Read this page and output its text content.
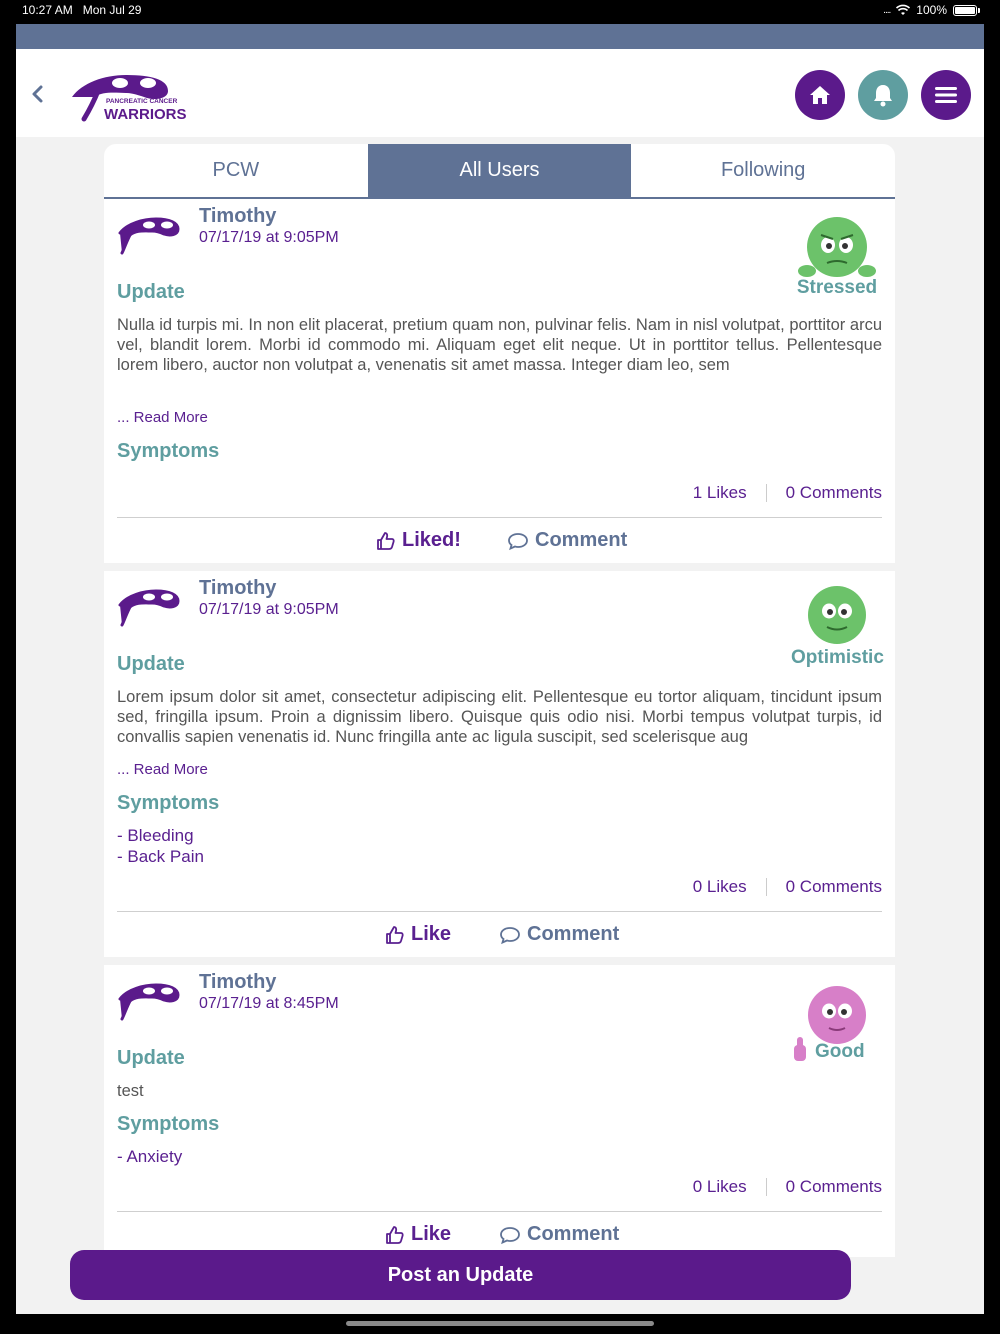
10:27 AM Mon Jul 29	.... 100%
PANCREATIC CANCER
WARRIORS
PCW	All Users	Following
Timothy
07/17/19 at 9:05PM
Stressed
Update
Nulla id turpis mi. In non elit placerat, pretium quam non, pulvinar felis. Nam in nisl volutpat, porttitor arcu vel, blandit lorem. Morbi id commodo mi. Aliquam eget elit neque. Ut in porttitor tellus. Pellentesque lorem libero, auctor non volutpat a, venenatis sit amet massa. Integer diam leo, sem
... Read More
Symptoms
1 Likes 0 Comments
Liked!	Comment
Timothy
07/17/19 at 9:05PM
Optimistic
Update
Lorem ipsum dolor sit amet, consectetur adipiscing elit. Pellentesque eu tortor aliquam, tincidunt ipsum sed, fringilla ipsum. Proin a dignissim libero. Quisque quis odio nisi. Morbi tempus volutpat turpis, id convallis sapien venenatis id. Nunc fringilla ante ac ligula suscipit, sed scelerisque aug
... Read More
Symptoms
- Bleeding
- Back Pain
0 Likes 0 Comments
Like	Comment
Timothy
07/17/19 at 8:45PM
Good
Update
test
Symptoms
- Anxiety
0 Likes 0 Comments
Like	Comment
Post an Update
